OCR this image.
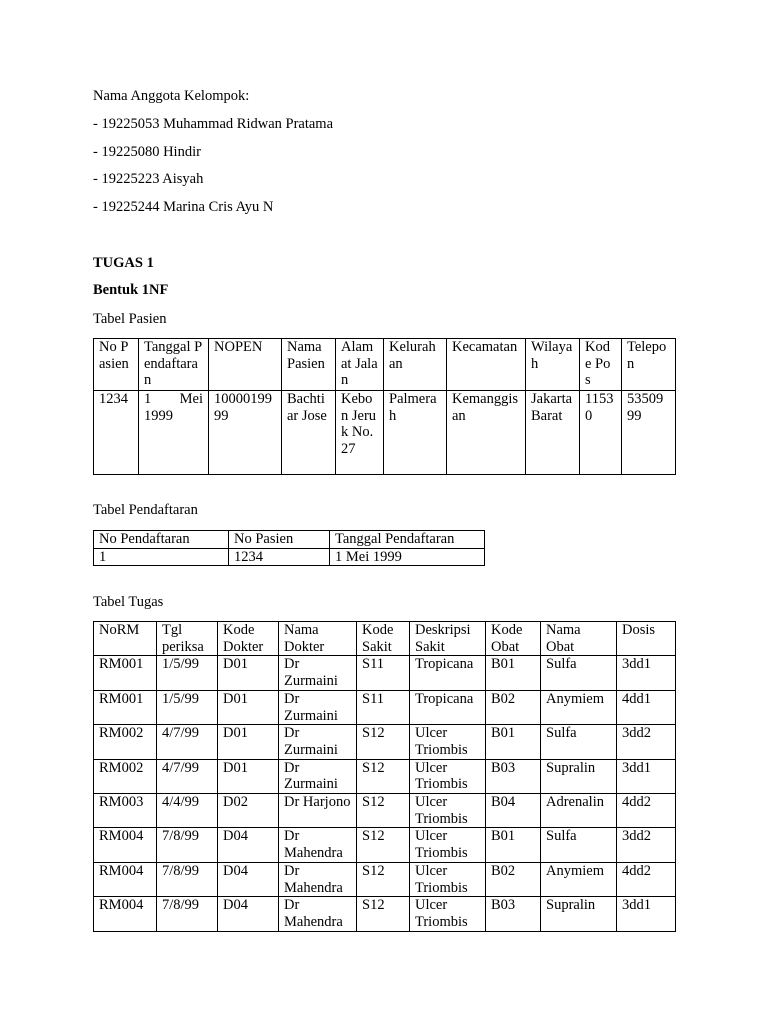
Nama Anggota Kelompok:

- 19225053 Muhammad Ridwan Pratama

- 19225080 Hindir

- 19225223 Aisyah

- 19225244 Marina Cris Ayu N

TUGAS 1

Bentuk 1NF

Tabel Pasien

No Pasien	Tanggal Pendaftaran	NOPEN	Nama Pasien	Alamat Jalan	Kelurahan	Kecamatan	Wilayah	Kode Pos	Telepon
1234	1 Mei 1999	1000019999	Bachtiar Jose	Kebon Jeruk No. 27	Palmerah	Kemanggisan	Jakarta Barat	11530	5350999

Tabel Pendaftaran

No Pendaftaran	No Pasien	Tanggal Pendaftaran
1	1234	1 Mei 1999

Tabel Tugas

NoRM	Tgl periksa	Kode Dokter	Nama Dokter	Kode Sakit	Deskripsi Sakit	Kode Obat	Nama Obat	Dosis
RM001	1/5/99	D01	Dr Zurmaini	S11	Tropicana	B01	Sulfa	3dd1
RM001	1/5/99	D01	Dr Zurmaini	S11	Tropicana	B02	Anymiem	4dd1
RM002	4/7/99	D01	Dr Zurmaini	S12	Ulcer Triombis	B01	Sulfa	3dd2
RM002	4/7/99	D01	Dr Zurmaini	S12	Ulcer Triombis	B03	Supralin	3dd1
RM003	4/4/99	D02	Dr Harjono	S12	Ulcer Triombis	B04	Adrenalin	4dd2
RM004	7/8/99	D04	Dr Mahendra	S12	Ulcer Triombis	B01	Sulfa	3dd2
RM004	7/8/99	D04	Dr Mahendra	S12	Ulcer Triombis	B02	Anymiem	4dd2
RM004	7/8/99	D04	Dr Mahendra	S12	Ulcer Triombis	B03	Supralin	3dd1
